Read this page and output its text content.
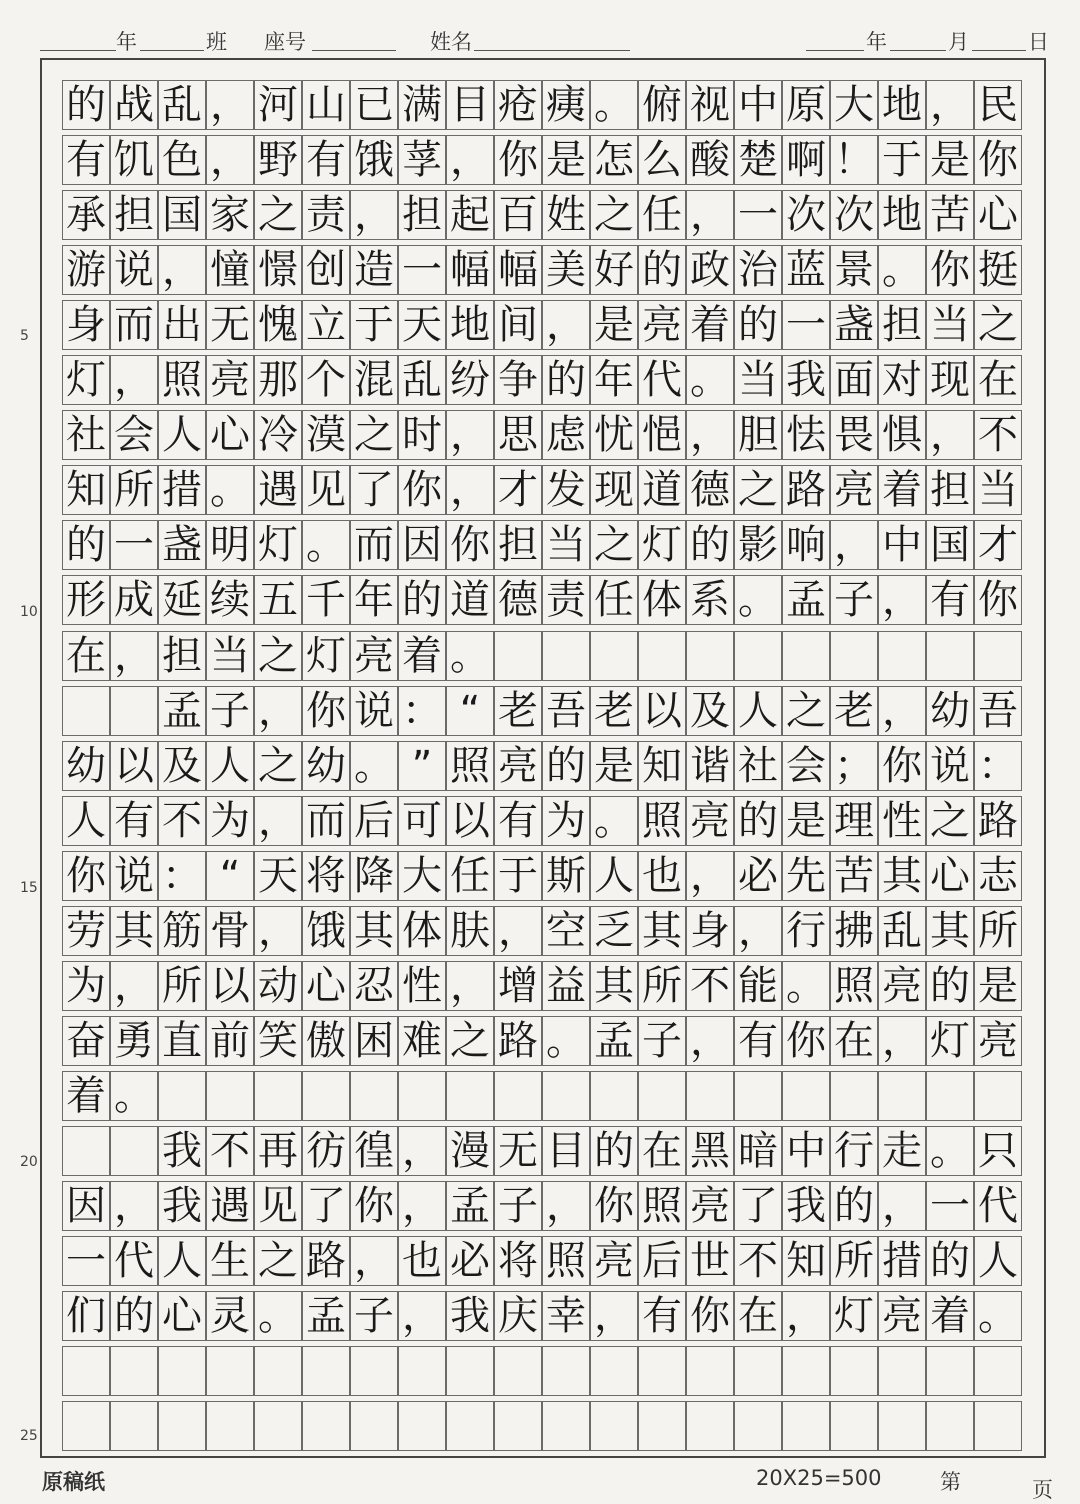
年	班 座号	姓名	年	月	日
5
10
15
20
25
的 战 乱 ， 河 山 已 满 目 疮 痍 。 俯 视 中 原 大 地 ， 民
有 饥 色 ， 野 有 饿 莩 ， 你 是 怎 么 酸 楚 啊 ！ 于 是 你
承 担 国 家 之 责 ， 担 起 百 姓 之 任 ， 一 次 次 地 苦 心
游 说 ， 憧 憬 创 造 一 幅 幅 美 好 的 政 治 蓝 景 。 你 挺
身 而 出 无 愧 立 于 天 地 间 ， 是 亮 着 的 一 盏 担 当 之
灯 ， 照 亮 那 个 混 乱 纷 争 的 年 代 。 当 我 面 对 现 在
社 会 人 心 冷 漠 之 时 ， 思 虑 忧 悒 ， 胆 怯 畏 惧 ， 不
知 所 措 。 遇 见 了 你 ， 才 发 现 道 德 之 路 亮 着 担 当
的 一 盏 明 灯 。 而 因 你 担 当 之 灯 的 影 响 ， 中 国 才
形 成 延 续 五 千 年 的 道 德 责 任 体 系 。 孟 子 ， 有 你
在 ， 担 当 之 灯 亮 着 。
孟 子 ， 你 说 ： “ 老 吾 老 以 及 人 之 老 ， 幼 吾
幼 以 及 人 之 幼 。 ” 照 亮 的 是 知 谐 社 会 ； 你 说 ：
人 有 不 为 ， 而 后 可 以 有 为 。 照 亮 的 是 理 性 之 路
你 说 ： “ 天 将 降 大 任 于 斯 人 也 ， 必 先 苦 其 心 志
劳 其 筋 骨 ， 饿 其 体 肤 ， 空 乏 其 身 ， 行 拂 乱 其 所
为 ， 所 以 动 心 忍 性 ， 增 益 其 所 不 能 。 照 亮 的 是
奋 勇 直 前 笑 傲 困 难 之 路 。 孟 子 ， 有 你 在 ， 灯 亮
着 。
我 不 再 彷 徨 ， 漫 无 目 的 在 黑 暗 中 行 走 。 只
因 ， 我 遇 见 了 你 ， 孟 子 ， 你 照 亮 了 我 的 ， 一 代
一 代 人 生 之 路 ， 也 必 将 照 亮 后 世 不 知 所 措 的 人
们 的 心 灵 。 孟 子 ， 我 庆 幸 ， 有 你 在 ， 灯 亮 着 。
原稿纸	20X25=500	第	页
